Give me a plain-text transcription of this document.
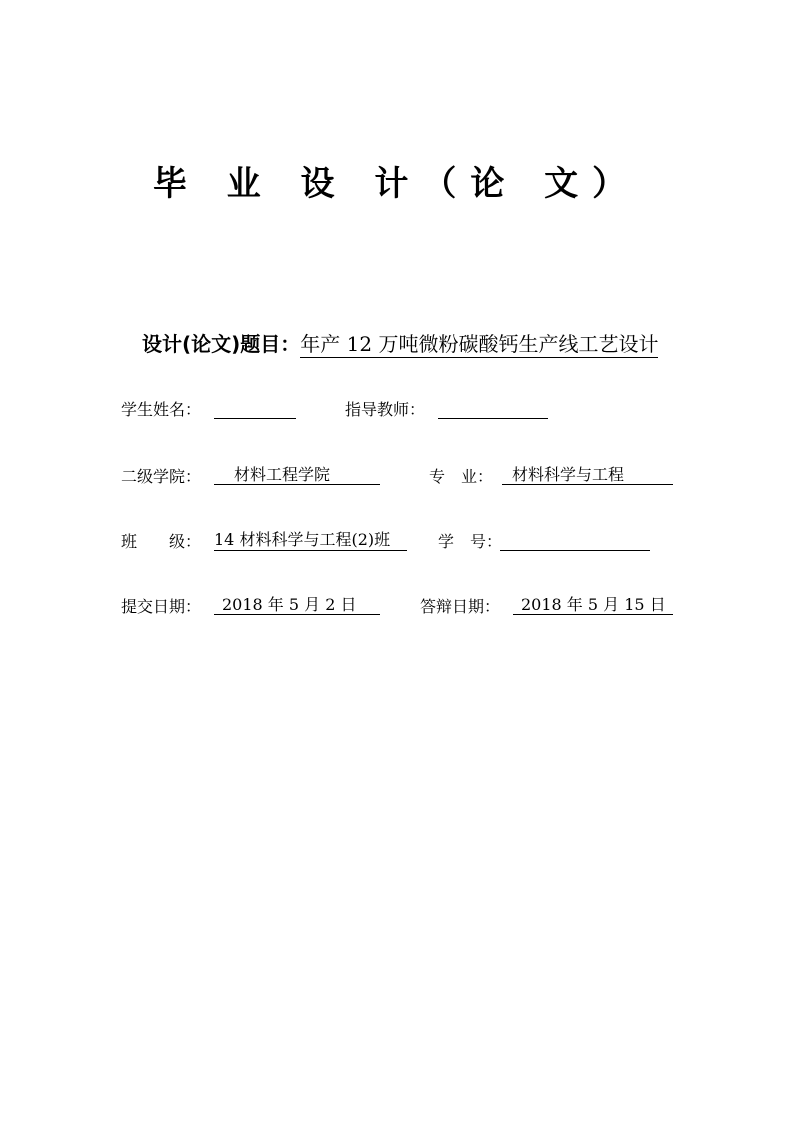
毕 业 设 计（论 文）
设计(论文)题目：年产 12 万吨微粉碳酸钙生产线工艺设计
学生姓名：	指导教师：
二级学院：	材料工程学院	专　业：	材料科学与工程
班　　级： 14 材料科学与工程(2)班	学　号：
提交日期：	2018 年 5 月 2 日	答辩日期：	2018 年 5 月 15 日
